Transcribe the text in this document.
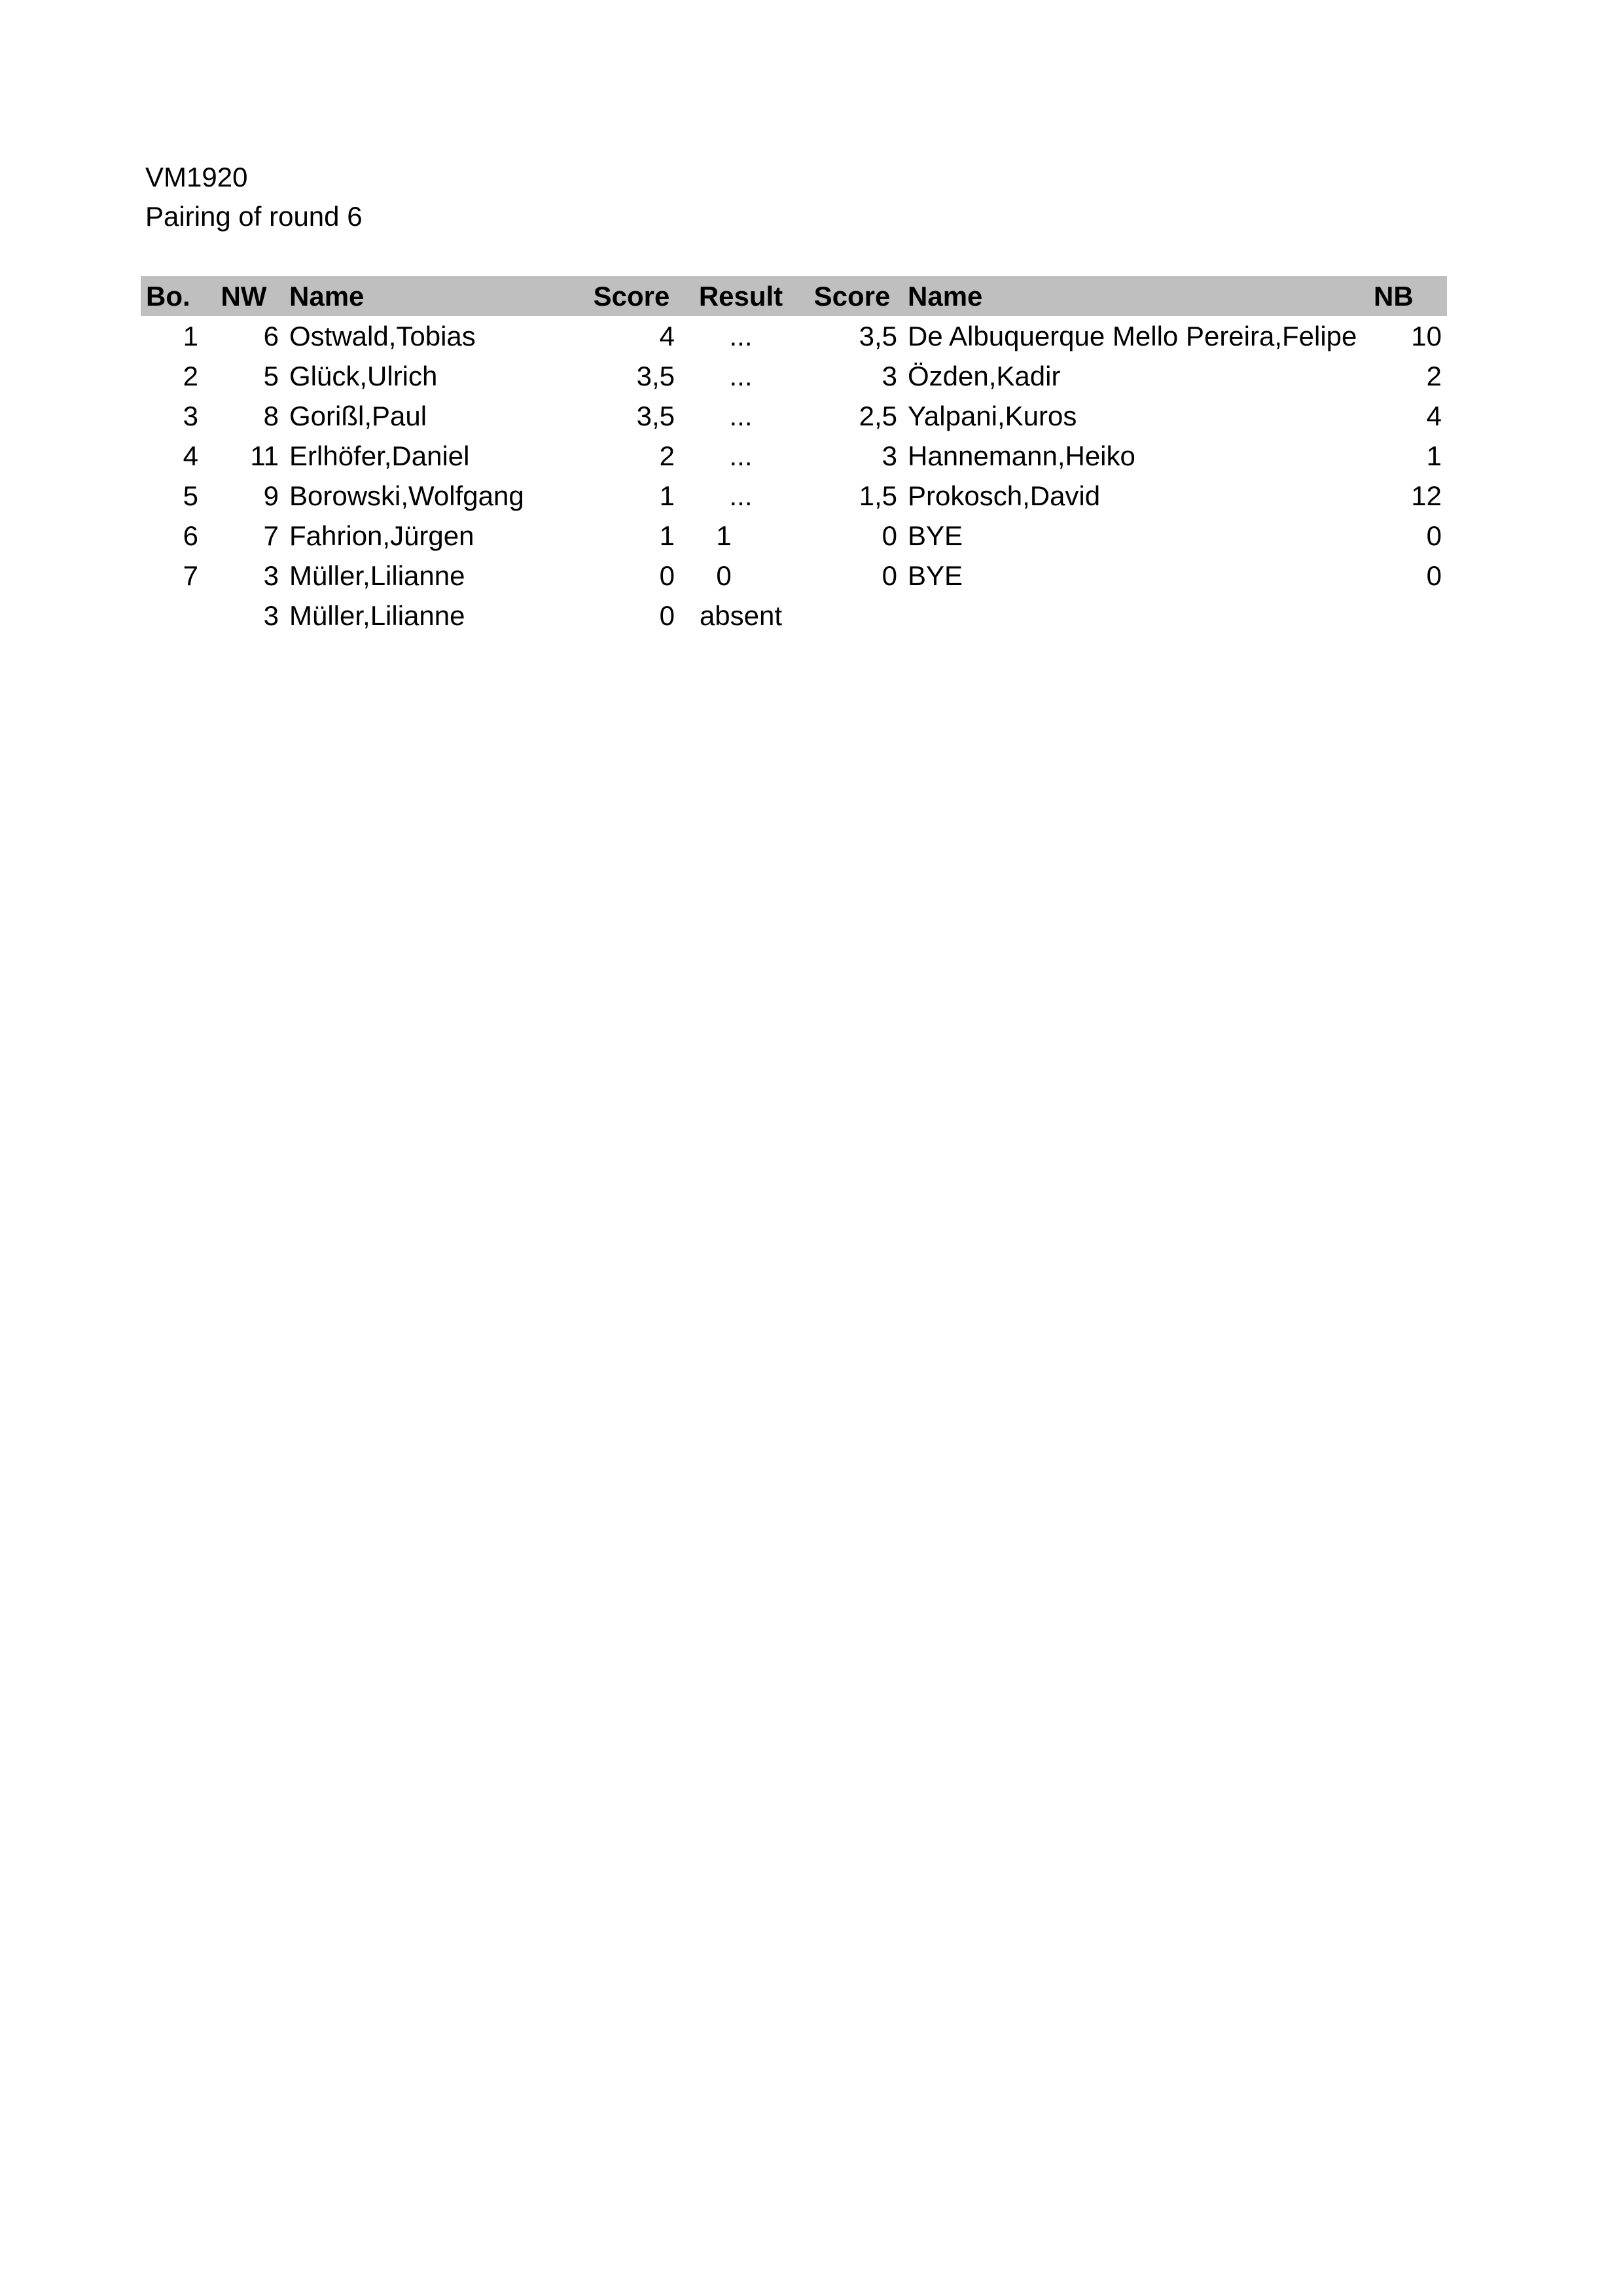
VM1920
Pairing of round 6
Bo.	NW	Name	Score	Result	Score	Name	NB
1	6	Ostwald,Tobias	4	...	3,5	De Albuquerque Mello Pereira,Felipe	10
2	5	Glück,Ulrich	3,5	...	3	Özden,Kadir	2
3	8	Gorißl,Paul	3,5	...	2,5	Yalpani,Kuros	4
4	11	Erlhöfer,Daniel	2	...	3	Hannemann,Heiko	1
5	9	Borowski,Wolfgang	1	...	1,5	Prokosch,David	12
6	7	Fahrion,Jürgen	1	1	0	BYE	0
7	3	Müller,Lilianne	0	0	0	BYE	0
	3	Müller,Lilianne	0	absent			
